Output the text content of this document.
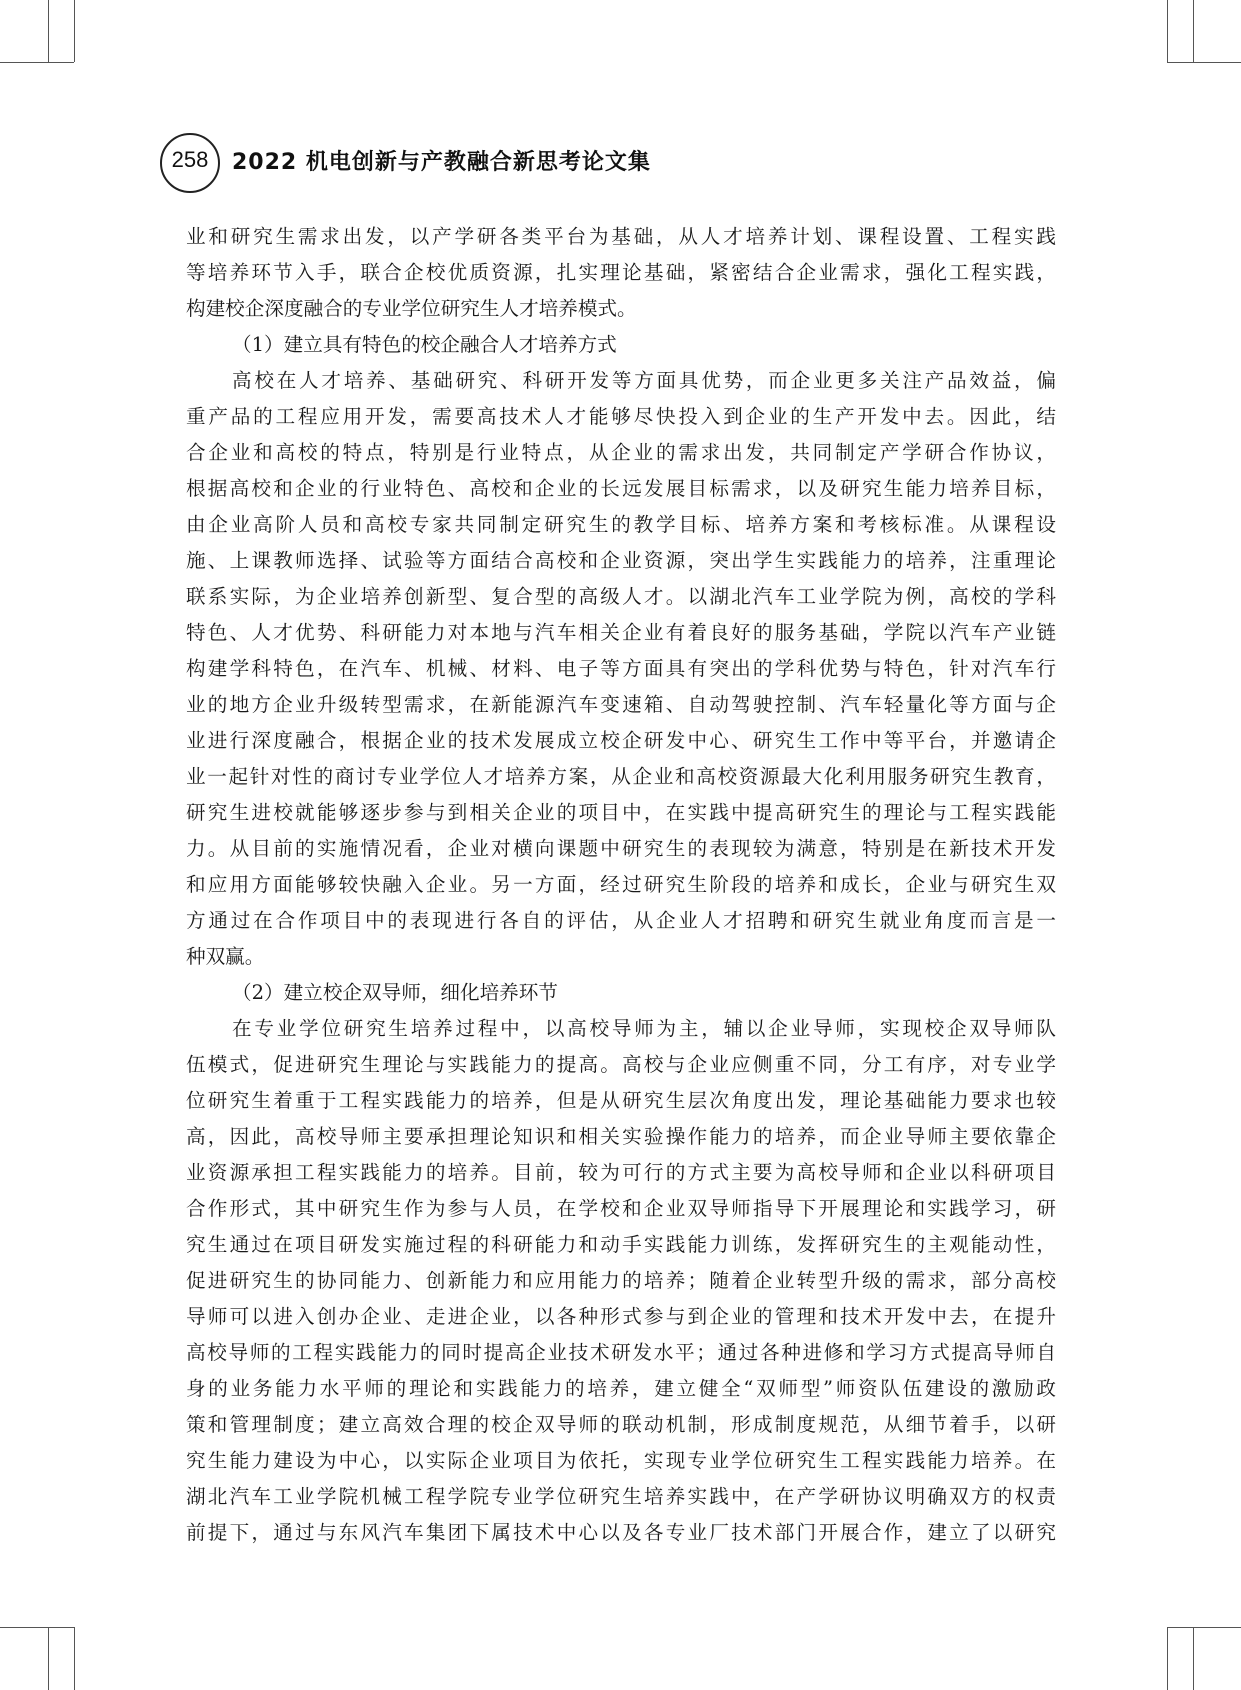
258	2022 机电创新与产教融合新思考论文集
业和研究生需求出发，以产学研各类平台为基础，从人才培养计划、课程设置、工程实践
等培养环节入手，联合企校优质资源，扎实理论基础，紧密结合企业需求，强化工程实践，
构建校企深度融合的专业学位研究生人才培养模式。
（1）建立具有特色的校企融合人才培养方式
高校在人才培养、基础研究、科研开发等方面具优势，而企业更多关注产品效益，偏
重产品的工程应用开发，需要高技术人才能够尽快投入到企业的生产开发中去。因此，结
合企业和高校的特点，特别是行业特点，从企业的需求出发，共同制定产学研合作协议，
根据高校和企业的行业特色、高校和企业的长远发展目标需求，以及研究生能力培养目标，
由企业高阶人员和高校专家共同制定研究生的教学目标、培养方案和考核标准。从课程设
施、上课教师选择、试验等方面结合高校和企业资源，突出学生实践能力的培养，注重理论
联系实际，为企业培养创新型、复合型的高级人才。以湖北汽车工业学院为例，高校的学科
特色、人才优势、科研能力对本地与汽车相关企业有着良好的服务基础，学院以汽车产业链
构建学科特色，在汽车、机械、材料、电子等方面具有突出的学科优势与特色，针对汽车行
业的地方企业升级转型需求，在新能源汽车变速箱、自动驾驶控制、汽车轻量化等方面与企
业进行深度融合，根据企业的技术发展成立校企研发中心、研究生工作中等平台，并邀请企
业一起针对性的商讨专业学位人才培养方案，从企业和高校资源最大化利用服务研究生教育，
研究生进校就能够逐步参与到相关企业的项目中，在实践中提高研究生的理论与工程实践能
力。从目前的实施情况看，企业对横向课题中研究生的表现较为满意，特别是在新技术开发
和应用方面能够较快融入企业。另一方面，经过研究生阶段的培养和成长，企业与研究生双
方通过在合作项目中的表现进行各自的评估，从企业人才招聘和研究生就业角度而言是一
种双赢。
（2）建立校企双导师，细化培养环节
在专业学位研究生培养过程中，以高校导师为主，辅以企业导师，实现校企双导师队
伍模式，促进研究生理论与实践能力的提高。高校与企业应侧重不同，分工有序，对专业学
位研究生着重于工程实践能力的培养，但是从研究生层次角度出发，理论基础能力要求也较
高，因此，高校导师主要承担理论知识和相关实验操作能力的培养，而企业导师主要依靠企
业资源承担工程实践能力的培养。目前，较为可行的方式主要为高校导师和企业以科研项目
合作形式，其中研究生作为参与人员，在学校和企业双导师指导下开展理论和实践学习，研
究生通过在项目研发实施过程的科研能力和动手实践能力训练，发挥研究生的主观能动性，
促进研究生的协同能力、创新能力和应用能力的培养；随着企业转型升级的需求，部分高校
导师可以进入创办企业、走进企业，以各种形式参与到企业的管理和技术开发中去，在提升
高校导师的工程实践能力的同时提高企业技术研发水平；通过各种进修和学习方式提高导师自
身的业务能力水平师的理论和实践能力的培养，建立健全“双师型”师资队伍建设的激励政
策和管理制度；建立高效合理的校企双导师的联动机制，形成制度规范，从细节着手，以研
究生能力建设为中心，以实际企业项目为依托，实现专业学位研究生工程实践能力培养。在
湖北汽车工业学院机械工程学院专业学位研究生培养实践中，在产学研协议明确双方的权责
前提下，通过与东风汽车集团下属技术中心以及各专业厂技术部门开展合作，建立了以研究
